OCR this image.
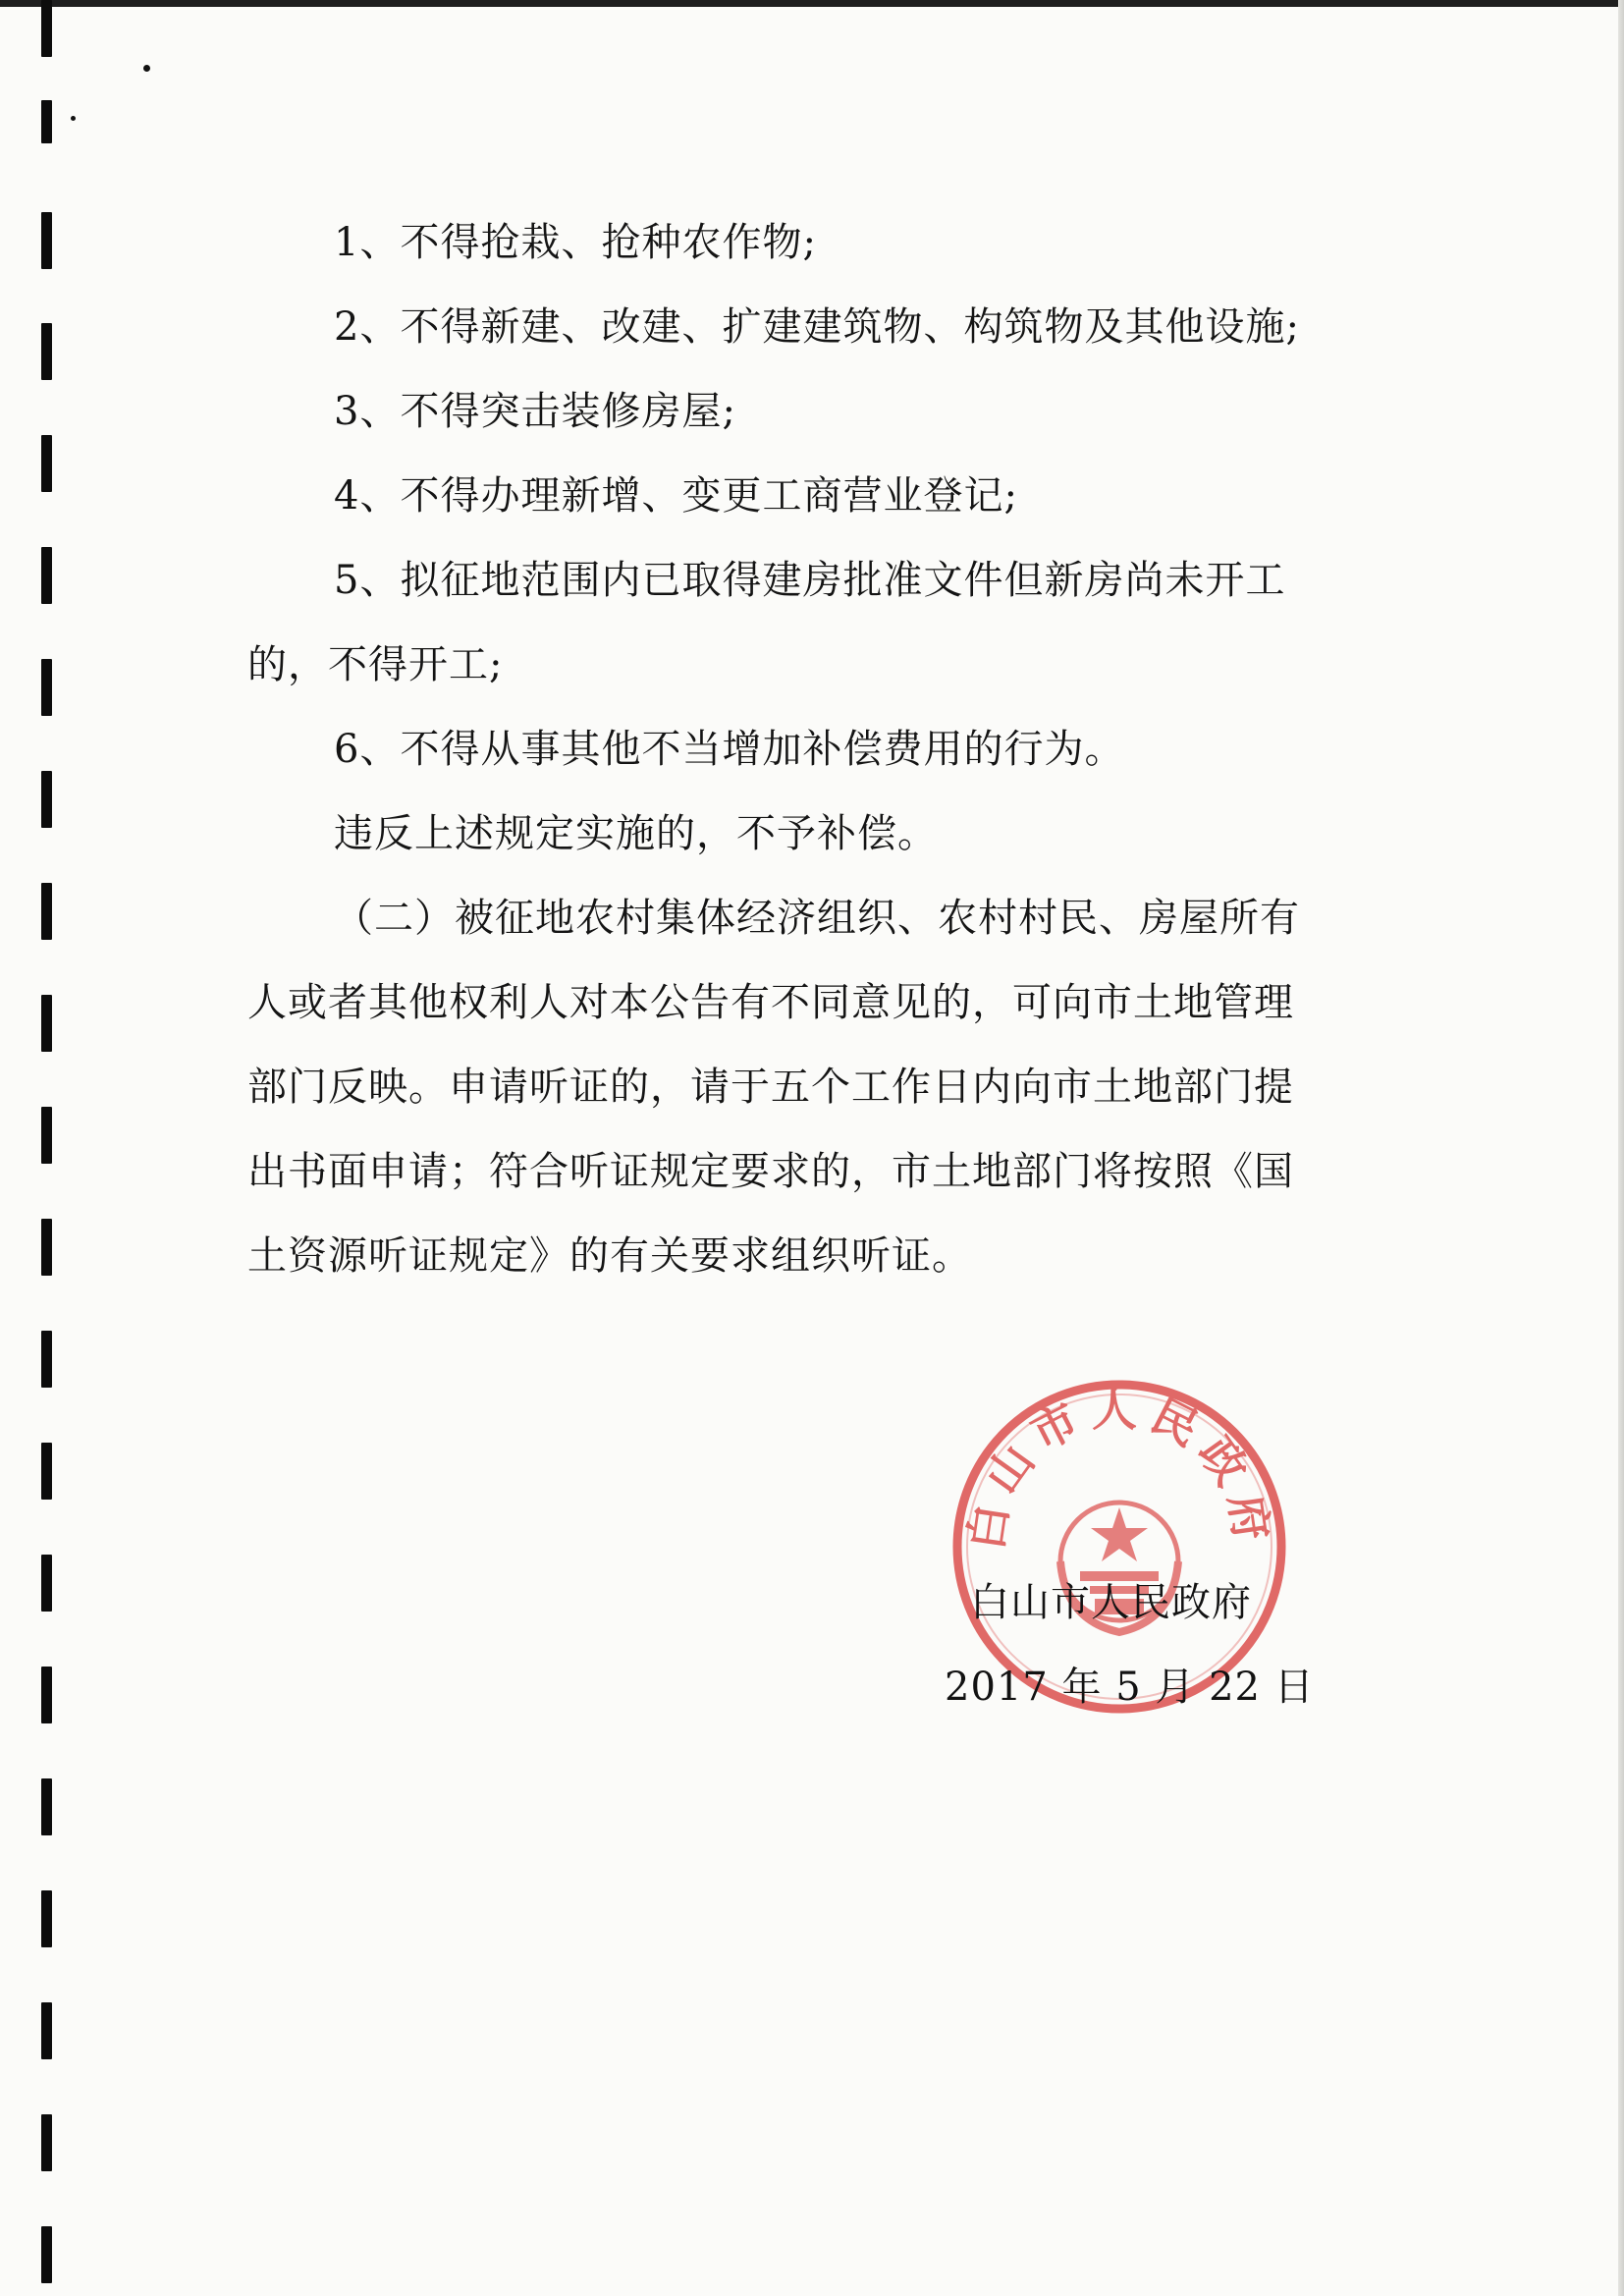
1、不得抢栽、抢种农作物;
2、不得新建、改建、扩建建筑物、构筑物及其他设施;
3、不得突击装修房屋;
4、不得办理新增、变更工商营业登记;
5、拟征地范围内已取得建房批准文件但新房尚未开工
的，不得开工;
6、不得从事其他不当增加补偿费用的行为。
违反上述规定实施的，不予补偿。
（二）被征地农村集体经济组织、农村村民、房屋所有
人或者其他权利人对本公告有不同意见的，可向市土地管理
部门反映。申请听证的，请于五个工作日内向市土地部门提
出书面申请；符合听证规定要求的，市土地部门将按照《国
土资源听证规定》的有关要求组织听证。
白山市人民政府
白山市人民政府
2017 年 5 月 22 日
